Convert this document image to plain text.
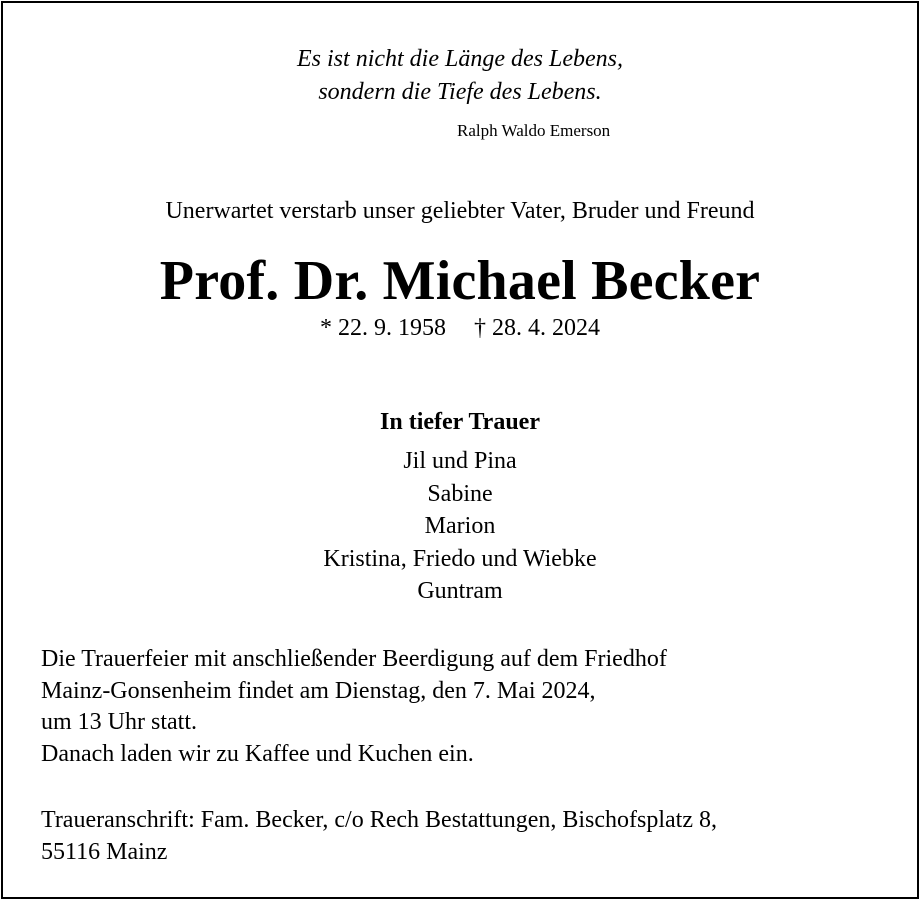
Es ist nicht die Länge des Lebens,
sondern die Tiefe des Lebens.
Ralph Waldo Emerson
Unerwartet verstarb unser geliebter Vater, Bruder und Freund
Prof. Dr. Michael Becker
* 22. 9. 1958 † 28. 4. 2024
In tiefer Trauer
Jil und Pina
Sabine
Marion
Kristina, Friedo und Wiebke
Guntram
Die Trauerfeier mit anschließender Beerdigung auf dem Friedhof
Mainz-Gonsenheim findet am Dienstag, den 7. Mai 2024,
um 13 Uhr statt.
Danach laden wir zu Kaffee und Kuchen ein.
Traueranschrift: Fam. Becker, c/o Rech Bestattungen, Bischofsplatz 8,
55116 Mainz
